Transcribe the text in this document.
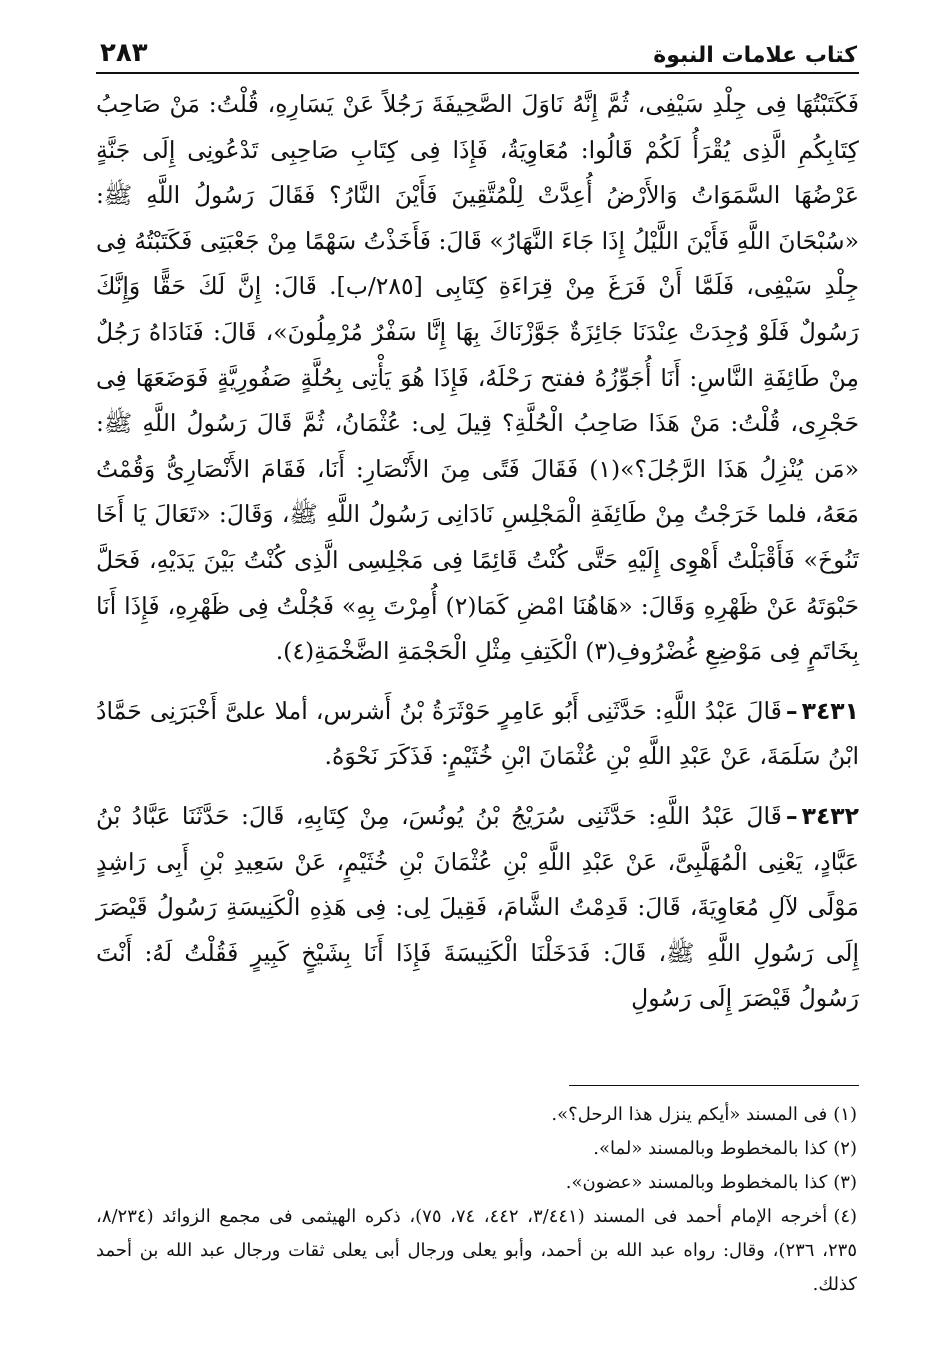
كتاب علامات النبوة
٢٨٣

فَكَتَبْتُهَا فِى جِلْدِ سَيْفِى، ثُمَّ إِنَّهُ نَاوَلَ الصَّحِيفَةَ رَجُلاً عَنْ يَسَارِهِ، قُلْتُ: مَنْ صَاحِبُ كِتَابِكُمِ الَّذِى يُقْرَأُ لَكُمْ قَالُوا: مُعَاوِيَةُ، فَإِذَا فِى كِتَابِ صَاحِبِى تَدْعُونِى إِلَى جَنَّةٍ عَرْضُهَا السَّمَوَاتُ وَالأَرْضُ أُعِدَّتْ لِلْمُتَّقِينَ فَأَيْنَ النَّارُ؟ فَقَالَ رَسُولُ اللَّهِ ﷺ: «سُبْحَانَ اللَّهِ فَأَيْنَ اللَّيْلُ إِذَا جَاءَ النَّهَارُ» قَالَ: فَأَخَذْتُ سَهْمًا مِنْ جَعْبَتِى فَكَتَبْتُهُ فِى جِلْدِ سَيْفِى، فَلَمَّا أَنْ فَرَغَ مِنْ قِرَاءَةِ كِتَابِى [٢٨٥/ب]. قَالَ: إِنَّ لَكَ حَقًّا وَإِنَّكَ رَسُولٌ فَلَوْ وُجِدَتْ عِنْدَنَا جَائِزَةٌ جَوَّزْنَاكَ بِهَا إِنَّا سَفْرٌ مُرْمِلُونَ»، قَالَ: فَنَادَاهُ رَجُلٌ مِنْ طَائِفَةِ النَّاسِ: أَنَا أُجَوِّزُهُ ففتح رَحْلَهُ، فَإِذَا هُوَ يَأْتِى بِحُلَّةٍ صَفُورِيَّةٍ فَوَضَعَهَا فِى حَجْرِى، قُلْتُ: مَنْ هَذَا صَاحِبُ الْحُلَّةِ؟ قِيلَ لِى: عُثْمَانُ، ثُمَّ قَالَ رَسُولُ اللَّهِ ﷺ: «مَن يُنْزِلُ هَذَا الرَّجُلَ؟»(١) فَقَالَ فَتًى مِنَ الأَنْصَارِ: أَنَا، فَقَامَ الأَنْصَارِىُّ وَقُمْتُ مَعَهُ، فلما خَرَجْتُ مِنْ طَائِفَةِ الْمَجْلِسِ نَادَانِى رَسُولُ اللَّهِ ﷺ، وَقَالَ: «تَعَالَ يَا أَخَا تَنُوخَ» فَأَقْبَلْتُ أَهْوِى إِلَيْهِ حَتَّى كُنْتُ قَائِمًا فِى مَجْلِسِى الَّذِى كُنْتُ بَيْنَ يَدَيْهِ، فَحَلَّ حَبْوَتَهُ عَنْ ظَهْرِهِ وَقَالَ: «هَاهُنَا امْضِ كَمَا(٢) أُمِرْتَ بِهِ» فَجُلْتُ فِى ظَهْرِهِ، فَإِذَا أَنَا بِخَاتَمٍ فِى مَوْضِعِ غُضْرُوفِ(٣) الْكَتِفِ مِثْلِ الْحَجْمَةِ الضَّخْمَةِ(٤).

٣٤٣١–قَالَ عَبْدُ اللَّهِ: حَدَّثَنِى أَبُو عَامِرٍ حَوْثَرَةُ بْنُ أَشرس، أملا علىَّ أَخْبَرَنِى حَمَّادُ ابْنُ سَلَمَةَ، عَنْ عَبْدِ اللَّهِ بْنِ عُثْمَانَ ابْنِ خُثَيْمٍ: فَذَكَرَ نَحْوَهُ.

٣٤٣٢–قَالَ عَبْدُ اللَّهِ: حَدَّثَنِى سُرَيْجُ بْنُ يُونُسَ، مِنْ كِتَابِهِ، قَالَ: حَدَّثَنَا عَبَّادُ بْنُ عَبَّادٍ، يَعْنِى الْمُهَلَّبِىَّ، عَنْ عَبْدِ اللَّهِ بْنِ عُثْمَانَ بْنِ خُثَيْمٍ، عَنْ سَعِيدِ بْنِ أَبِى رَاشِدٍ مَوْلًى لآلِ مُعَاوِيَةَ، قَالَ: قَدِمْتُ الشَّامَ، فَقِيلَ لِى: فِى هَذِهِ الْكَنِيسَةِ رَسُولُ قَيْصَرَ إِلَى رَسُولِ اللَّهِ ﷺ، قَالَ: فَدَخَلْنَا الْكَنِيسَةَ فَإِذَا أَنَا بِشَيْخٍ كَبِيرٍ فَقُلْتُ لَهُ: أَنْتَ رَسُولُ قَيْصَرَ إِلَى رَسُولِ

(١)فى المسند «أيكم ينزل هذا الرحل؟».

(٢)كذا بالمخطوط وبالمسند «لما».

(٣)كذا بالمخطوط وبالمسند «عضون».

(٤)أخرجه الإمام أحمد فى المسند (٣/٤٤١، ٤٤٢، ٧٤، ٧٥)، ذكره الهيثمى فى مجمع الزوائد (٨/٢٣٤، ٢٣٥، ٢٣٦)، وقال: رواه عبد الله بن أحمد، وأبو يعلى ورجال أبى يعلى ثقات ورجال عبد الله بن أحمد كذلك.
